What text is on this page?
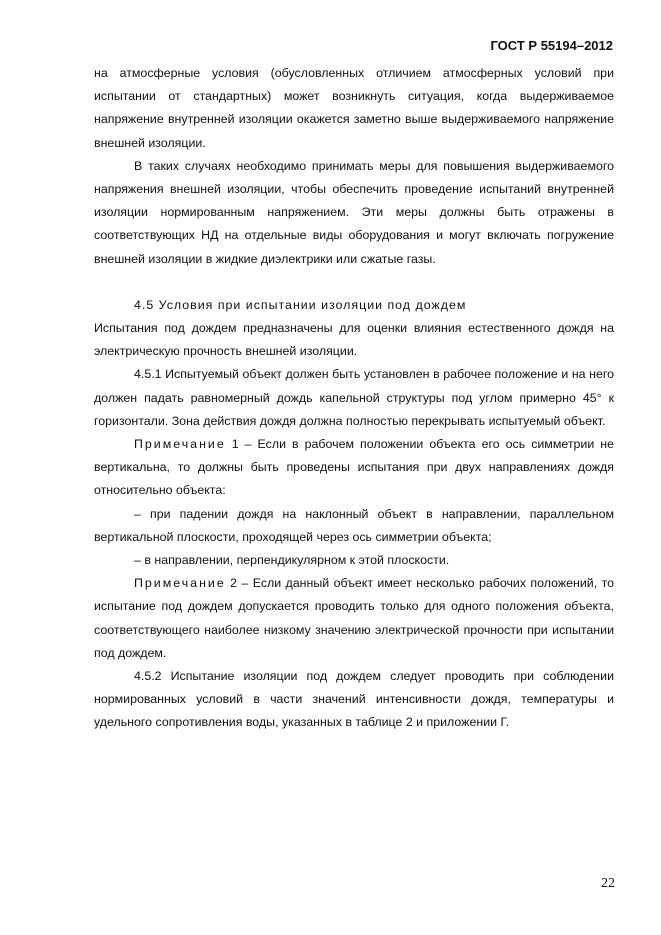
ГОСТ Р 55194–2012

на атмосферные условия (обусловленных отличием атмосферных условий при испытании от стандартных) может возникнуть ситуация, когда выдерживаемое напряжение внутренней изоляции окажется заметно выше выдерживаемого напряжение внешней изоляции.

В таких случаях необходимо принимать меры для повышения выдерживаемого напряжения внешней изоляции, чтобы обеспечить проведение испытаний внутренней изоляции нормированным напряжением. Эти меры должны быть отражены в соответствующих НД на отдельные виды оборудования и могут включать погружение внешней изоляции в жидкие диэлектрики или сжатые газы.

4.5 Условия при испытании изоляции под дождем

Испытания под дождем предназначены для оценки влияния естественного дождя на электрическую прочность внешней изоляции.

4.5.1 Испытуемый объект должен быть установлен в рабочее положение и на него должен падать равномерный дождь капельной структуры под углом примерно 45° к горизонтали. Зона действия дождя должна полностью перекрывать испытуемый объект.

Примечание 1 – Если в рабочем положении объекта его ось симметрии не вертикальна, то должны быть проведены испытания при двух направлениях дождя относительно объекта:

– при падении дождя на наклонный объект в направлении, параллельном вертикальной плоскости, проходящей через ось симметрии объекта;

– в направлении, перпендикулярном к этой плоскости.

Примечание 2 – Если данный объект имеет несколько рабочих положений, то испытание под дождем допускается проводить только для одного положения объекта, соответствующего наиболее низкому значению электрической прочности при испытании под дождем.

4.5.2 Испытание изоляции под дождем следует проводить при соблюдении нормированных условий в части значений интенсивности дождя, температуры и удельного сопротивления воды, указанных в таблице 2 и приложении Г.

22
